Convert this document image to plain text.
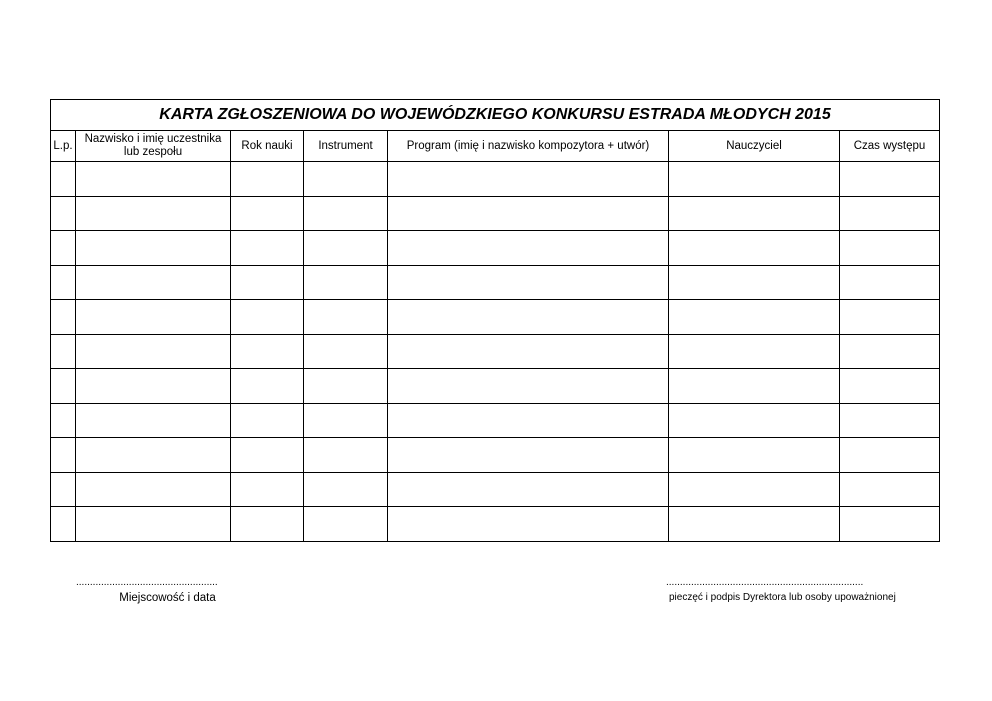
KARTA ZGŁOSZENIOWA DO WOJEWÓDZKIEGO KONKURSU ESTRADA MŁODYCH 2015						
L.p.	Nazwisko i imię uczestnika lub zespołu	Rok nauki	Instrument	Program (imię i nazwisko kompozytora + utwór)	Nauczyciel	Czas występu

...................................................
Miejscowość i data
.......................................................................
pieczęć i podpis Dyrektora lub osoby upoważnionej
